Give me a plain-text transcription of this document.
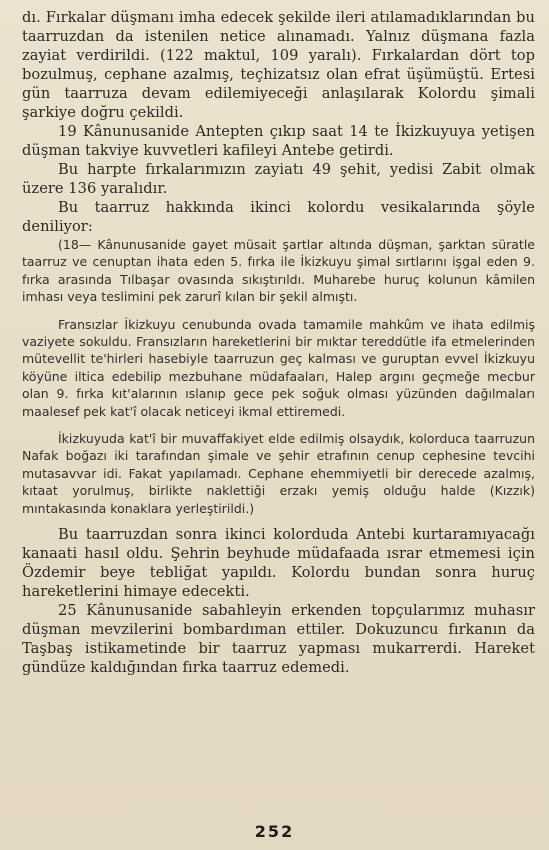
dı. Fırkalar düşmanı imha edecek şekilde ileri atılamadıklarından bu taarruzdan da istenilen netice alınamadı. Yalnız düşmana fazla zayiat verdirildi. (122 maktul, 109 yaralı). Fırkalardan dört top bozulmuş, cephane azalmış, teçhizatsız olan efrat üşümüştü. Ertesi gün taarruza devam edilemiyeceği anlaşılarak Kolordu şimali şarkiye doğru çekildi.

19 Kânunusanide Antepten çıkıp saat 14 te İkizkuyuya yetişen düşman takviye kuvvetleri kafileyi Antebe getirdi.

Bu harpte fırkalarımızın zayiatı 49 şehit, yedisi Zabit olmak üzere 136 yaralıdır.

Bu taarruz hakkında ikinci kolordu vesikalarında şöyle deniliyor:

(18— Kânunusanide gayet müsait şartlar altında düşman, şarktan süratle taarruz ve cenuptan ihata eden 5. fırka ile İkizkuyu şimal sırtlarını işgal eden 9. fırka arasında Tılbaşar ovasında sıkıştırıldı. Muharebe huruç kolunun kâmilen imhası veya teslimini pek zarurî kılan bir şekil almıştı.

Fransızlar İkizkuyu cenubunda ovada tamamile mahkûm ve ihata edilmiş vaziyete sokuldu. Fransızların hareketlerini bir mıktar tereddütle ifa etmelerinden mütevellit te'hirleri hasebiyle taarruzun geç kalması ve guruptan evvel İkizkuyu köyüne iltica edebilip mezbuhane müdafaaları, Halep argını geçmeğe mecbur olan 9. fırka kıt'alarının ıslanıp gece pek soğuk olması yüzünden dağılmaları maalesef pek kat'î olacak neticeyi ikmal ettiremedi.

İkizkuyuda kat'î bir muvaffakiyet elde edilmiş olsaydık, kolorduca taarruzun Nafak boğazı iki tarafından şimale ve şehir etrafının cenup cephesine tevcihi mutasavvar idi. Fakat yapılamadı. Cephane ehemmiyetli bir derecede azalmış, kıtaat yorulmuş, birlikte naklettiği erzakı yemiş olduğu halde (Kızzık) mıntakasında konaklara yerleştirildi.)

Bu taarruzdan sonra ikinci kolorduda Antebi kurtaramıyacağı kanaati hasıl oldu. Şehrin beyhude müdafaada ısrar etmemesi için Özdemir beye tebliğat yapıldı. Kolordu bundan sonra huruç hareketlerini himaye edecekti.

25 Kânunusanide sabahleyin erkenden topçularımız muhasır düşman mevzilerini bombardıman ettiler. Dokuzuncu fırkanın da Taşbaş istikametinde bir taarruz yapması mukarrerdi. Hareket gündüze kaldığından fırka taarruz edemedi.

252
